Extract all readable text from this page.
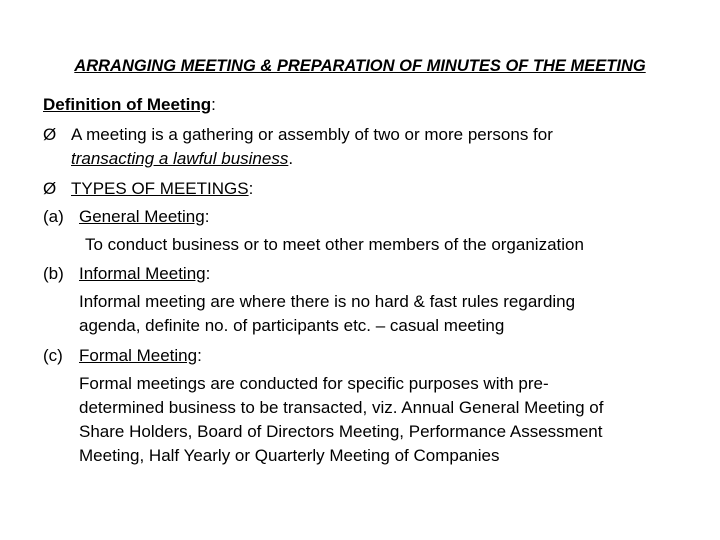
ARRANGING MEETING & PREPARATION OF MINUTES OF THE MEETING
Definition of Meeting:
Ø A meeting is a gathering or assembly of two or more persons for
transacting a lawful business.
Ø TYPES OF MEETINGS:
(a) General Meeting:
To conduct business or to meet other members of the organization
(b) Informal Meeting:
Informal meeting are where there is no hard & fast rules regarding
agenda, definite no. of participants etc. – casual meeting
(c) Formal Meeting:
Formal meetings are conducted for specific purposes with pre-
determined business to be transacted, viz. Annual General Meeting of
Share Holders, Board of Directors Meeting, Performance Assessment
Meeting, Half Yearly or Quarterly Meeting of Companies
